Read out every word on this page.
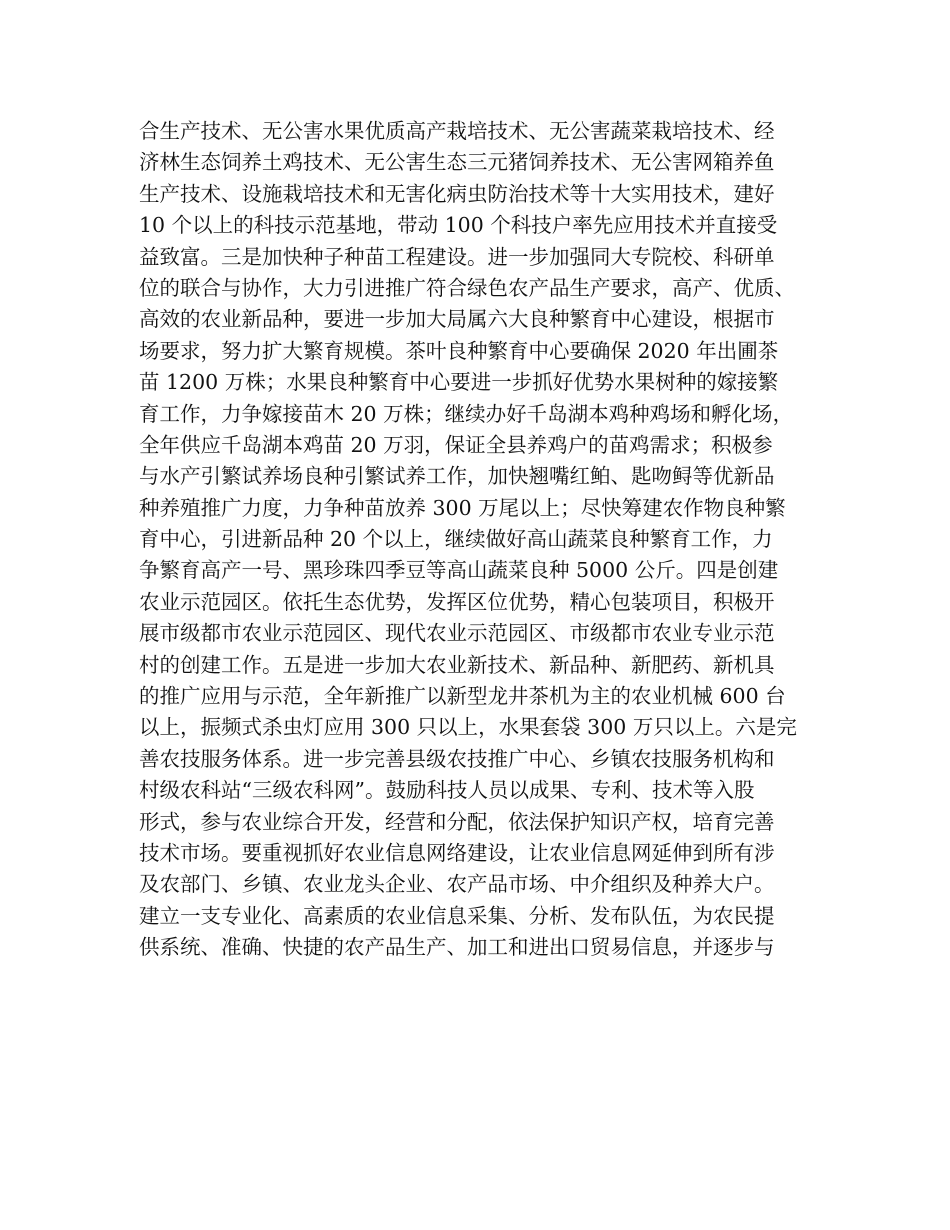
合生产技术、无公害水果优质高产栽培技术、无公害蔬菜栽培技术、经
济林生态饲养土鸡技术、无公害生态三元猪饲养技术、无公害网箱养鱼
生产技术、设施栽培技术和无害化病虫防治技术等十大实用技术，建好
10 个以上的科技示范基地，带动 100 个科技户率先应用技术并直接受
益致富。三是加快种子种苗工程建设。进一步加强同大专院校、科研单
位的联合与协作，大力引进推广符合绿色农产品生产要求，高产、优质、
高效的农业新品种，要进一步加大局属六大良种繁育中心建设，根据市
场要求，努力扩大繁育规模。茶叶良种繁育中心要确保 2020 年出圃茶
苗 1200 万株；水果良种繁育中心要进一步抓好优势水果树种的嫁接繁
育工作，力争嫁接苗木 20 万株；继续办好千岛湖本鸡种鸡场和孵化场，
全年供应千岛湖本鸡苗 20 万羽，保证全县养鸡户的苗鸡需求；积极参
与水产引繁试养场良种引繁试养工作，加快翘嘴红鲌、匙吻鲟等优新品
种养殖推广力度，力争种苗放养 300 万尾以上；尽快筹建农作物良种繁
育中心，引进新品种 20 个以上，继续做好高山蔬菜良种繁育工作，力
争繁育高产一号、黑珍珠四季豆等高山蔬菜良种 5000 公斤。四是创建
农业示范园区。依托生态优势，发挥区位优势，精心包装项目，积极开
展市级都市农业示范园区、现代农业示范园区、市级都市农业专业示范
村的创建工作。五是进一步加大农业新技术、新品种、新肥药、新机具
的推广应用与示范，全年新推广以新型龙井茶机为主的农业机械 600 台
以上，振频式杀虫灯应用 300 只以上，水果套袋 300 万只以上。六是完
善农技服务体系。进一步完善县级农技推广中心、乡镇农技服务机构和
村级农科站“三级农科网”。鼓励科技人员以成果、专利、技术等入股
形式，参与农业综合开发，经营和分配，依法保护知识产权，培育完善
技术市场。要重视抓好农业信息网络建设，让农业信息网延伸到所有涉
及农部门、乡镇、农业龙头企业、农产品市场、中介组织及种养大户。
建立一支专业化、高素质的农业信息采集、分析、发布队伍，为农民提
供系统、准确、快捷的农产品生产、加工和进出口贸易信息，并逐步与
